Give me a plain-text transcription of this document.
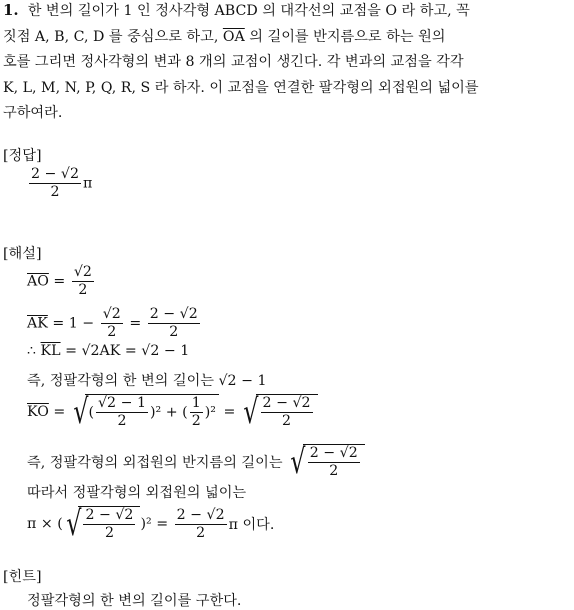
1. 한 변의 길이가 1 인 정사각형 ABCD 의 대각선의 교점을 O 라 하고, 꼭
짓점 A, B, C, D 를 중심으로 하고, $\overline{OA}$ 의 길이를 반지름으로 하는 원의
호를 그리면 정사각형의 변과 8 개의 교점이 생긴다. 각 변과의 교점을 각각
K, L, M, N, P, Q, R, S 라 하자. 이 교점을 연결한 팔각형의 외접원의 넓이를
구하여라.
[정답]
$\frac{2 - √2}{2}$ π
[해설]
$\overline{AO} = \frac{√2}{2}$
$\overline{AK} = 1 - \frac{√2}{2} = \frac{2 - √2}{2}$
∴ $\overline{KL} = √2AK = √2 - 1$
즉, 정팔각형의 한 변의 길이는 √2 − 1
$\overline{KO}$ = √( $\frac{√2 - 1}{2} )^2$ + ( $\frac{1}{2} )^2$ = √ $\frac{2 - √2}{2}$
즉, 정팔각형의 외접원의 반지름의 길이는 √ $\frac{2 - √2}{2}$
따라서 정팔각형의 외접원의 넓이는
π × (√ $\frac{2 - √2}{2} )^2 = \frac{2 - √2}{2}$ π 이다.
[힌트]
정팔각형의 한 변의 길이를 구한다.
